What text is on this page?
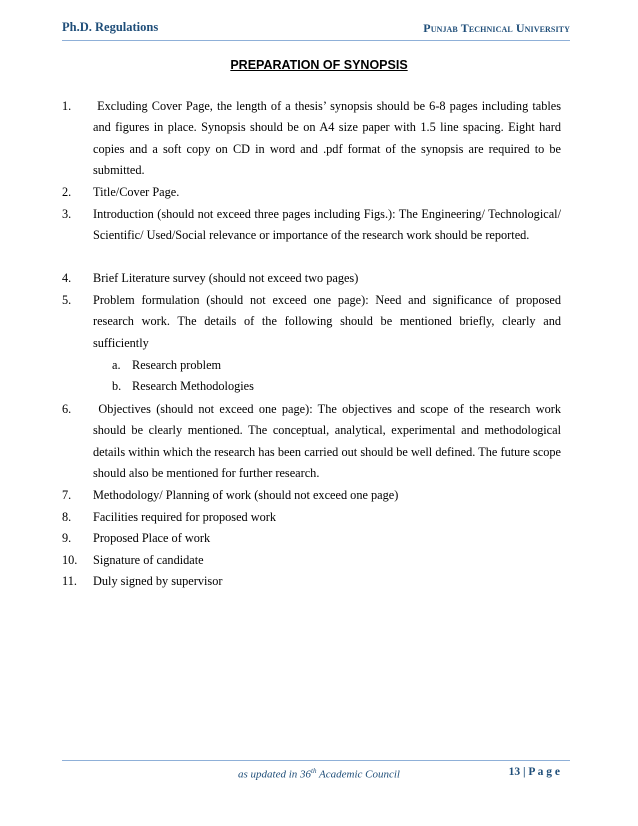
Ph.D. Regulations	Punjab Technical University
PREPARATION OF SYNOPSIS
1. Excluding Cover Page, the length of a thesis’ synopsis should be 6-8 pages including tables and figures in place. Synopsis should be on A4 size paper with 1.5 line spacing. Eight hard copies and a soft copy on CD in word and .pdf format of the synopsis are required to be submitted.
2. Title/Cover Page.
3. Introduction (should not exceed three pages including Figs.): The Engineering/ Technological/ Scientific/ Used/Social relevance or importance of the research work should be reported.
4. Brief Literature survey (should not exceed two pages)
5. Problem formulation (should not exceed one page): Need and significance of proposed research work. The details of the following should be mentioned briefly, clearly and sufficiently
a. Research problem
b. Research Methodologies
6. Objectives (should not exceed one page): The objectives and scope of the research work should be clearly mentioned. The conceptual, analytical, experimental and methodological details within which the research has been carried out should be well defined. The future scope should also be mentioned for further research.
7. Methodology/ Planning of work (should not exceed one page)
8. Facilities required for proposed work
9. Proposed Place of work
10. Signature of candidate
11. Duly signed by supervisor
as updated in 36th Academic Council	13 | P a g e
